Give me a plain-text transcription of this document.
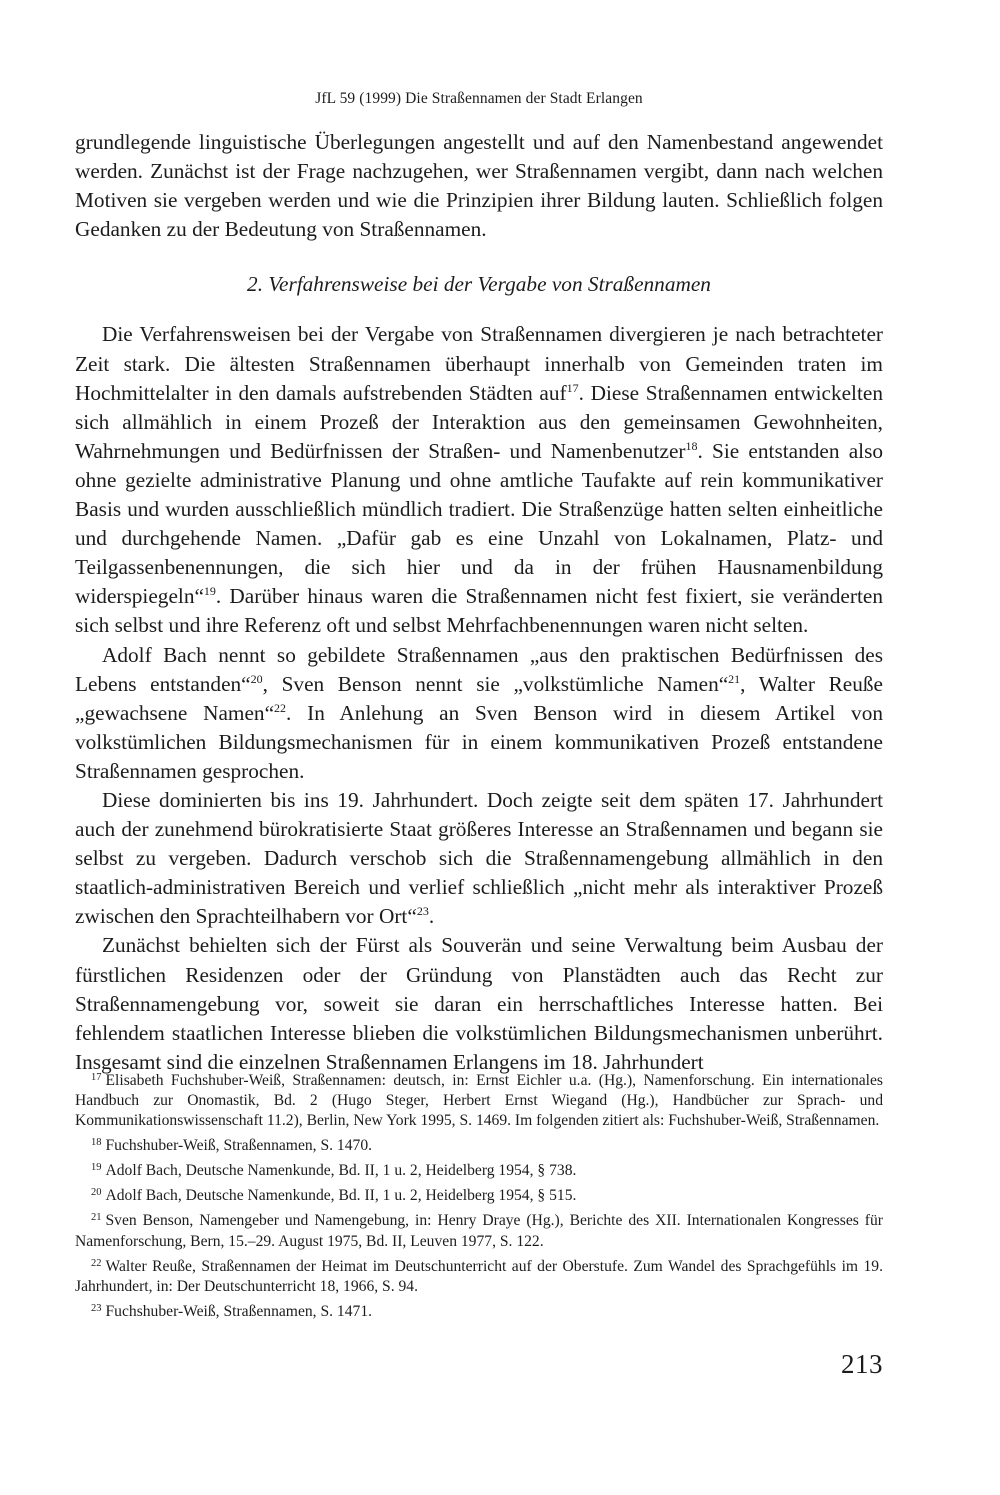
JfL 59 (1999) Die Straßennamen der Stadt Erlangen

grundlegende linguistische Überlegungen angestellt und auf den Namenbestand angewendet werden. Zunächst ist der Frage nachzugehen, wer Straßennamen vergibt, dann nach welchen Motiven sie vergeben werden und wie die Prinzipien ihrer Bildung lauten. Schließlich folgen Gedanken zu der Bedeutung von Straßennamen.

2. Verfahrensweise bei der Vergabe von Straßennamen

Die Verfahrensweisen bei der Vergabe von Straßennamen divergieren je nach betrachteter Zeit stark. Die ältesten Straßennamen überhaupt innerhalb von Gemeinden traten im Hochmittelalter in den damals aufstrebenden Städten auf$^{17}$. Diese Straßennamen entwickelten sich allmählich in einem Prozeß der Interaktion aus den gemeinsamen Gewohnheiten, Wahrnehmungen und Bedürfnissen der Straßen- und Namenbenutzer$^{18}$. Sie entstanden also ohne gezielte administrative Planung und ohne amtliche Taufakte auf rein kommunikativer Basis und wurden ausschließlich mündlich tradiert. Die Straßenzüge hatten selten einheitliche und durchgehende Namen. „Dafür gab es eine Unzahl von Lokalnamen, Platz- und Teilgassenbenennungen, die sich hier und da in der frühen Hausnamenbildung widerspiegeln“$^{19}$. Darüber hinaus waren die Straßennamen nicht fest fixiert, sie veränderten sich selbst und ihre Referenz oft und selbst Mehrfachbenennungen waren nicht selten.

Adolf Bach nennt so gebildete Straßennamen „aus den praktischen Bedürfnissen des Lebens entstanden“$^{20}$, Sven Benson nennt sie „volkstümliche Namen“$^{21}$, Walter Reuße „gewachsene Namen“$^{22}$. In Anlehung an Sven Benson wird in diesem Artikel von volkstümlichen Bildungsmechanismen für in einem kommunikativen Prozeß entstandene Straßennamen gesprochen.

Diese dominierten bis ins 19. Jahrhundert. Doch zeigte seit dem späten 17. Jahrhundert auch der zunehmend bürokratisierte Staat größeres Interesse an Straßennamen und begann sie selbst zu vergeben. Dadurch verschob sich die Straßennamengebung allmählich in den staatlich-administrativen Bereich und verlief schließlich „nicht mehr als interaktiver Prozeß zwischen den Sprachteilhabern vor Ort“$^{23}$.

Zunächst behielten sich der Fürst als Souverän und seine Verwaltung beim Ausbau der fürstlichen Residenzen oder der Gründung von Planstädten auch das Recht zur Straßennamengebung vor, soweit sie daran ein herrschaftliches Interesse hatten. Bei fehlendem staatlichen Interesse blieben die volkstümlichen Bildungsmechanismen unberührt. Insgesamt sind die einzelnen Straßennamen Erlangens im 18. Jahrhundert

$^{17}$ Elisabeth Fuchshuber-Weiß, Straßennamen: deutsch, in: Ernst Eichler u.a. (Hg.), Namenforschung. Ein internationales Handbuch zur Onomastik, Bd. 2 (Hugo Steger, Herbert Ernst Wiegand (Hg.), Handbücher zur Sprach- und Kommunikationswissenschaft 11.2), Berlin, New York 1995, S. 1469. Im folgenden zitiert als: Fuchshuber-Weiß, Straßennamen.

$^{18}$ Fuchshuber-Weiß, Straßennamen, S. 1470.

$^{19}$ Adolf Bach, Deutsche Namenkunde, Bd. II, 1 u. 2, Heidelberg 1954, § 738.

$^{20}$ Adolf Bach, Deutsche Namenkunde, Bd. II, 1 u. 2, Heidelberg 1954, § 515.

$^{21}$ Sven Benson, Namengeber und Namengebung, in: Henry Draye (Hg.), Berichte des XII. Internationalen Kongresses für Namenforschung, Bern, 15.–29. August 1975, Bd. II, Leuven 1977, S. 122.

$^{22}$ Walter Reuße, Straßennamen der Heimat im Deutschunterricht auf der Oberstufe. Zum Wandel des Sprachgefühls im 19. Jahrhundert, in: Der Deutschunterricht 18, 1966, S. 94.

$^{23}$ Fuchshuber-Weiß, Straßennamen, S. 1471.

213
